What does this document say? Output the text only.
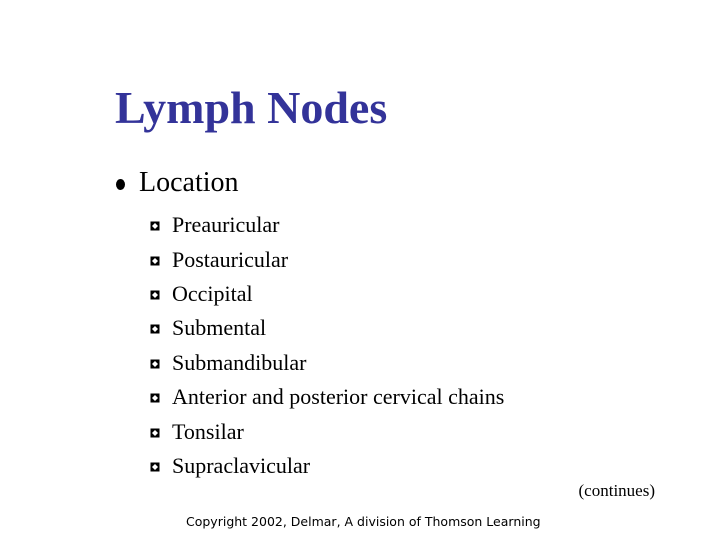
Lymph Nodes
Location
Preauricular
Postauricular
Occipital
Submental
Submandibular
Anterior and posterior cervical chains
Tonsilar
Supraclavicular
(continues)
Copyright 2002, Delmar, A division of Thomson Learning
